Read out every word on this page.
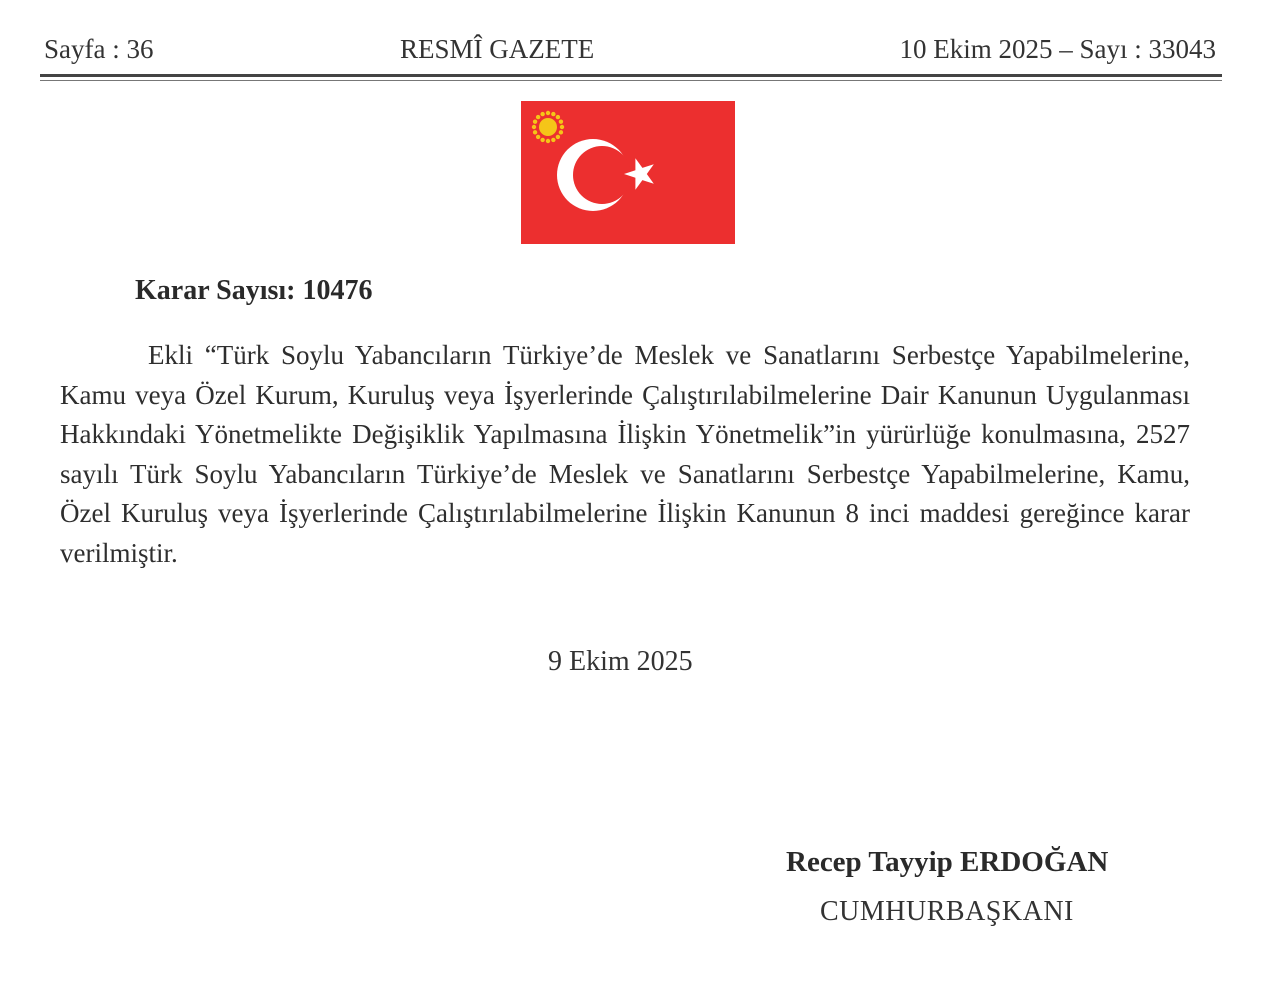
Sayfa : 36	RESMÎ GAZETE	10 Ekim 2025 – Sayı : 33043
Karar Sayısı: 10476
Ekli “Türk Soylu Yabancıların Türkiye’de Meslek ve Sanatlarını Serbestçe Yapabilmelerine, Kamu veya Özel Kurum, Kuruluş veya İşyerlerinde Çalıştırılabilmelerine Dair Kanunun Uygulanması Hakkındaki Yönetmelikte Değişiklik Yapılmasına İlişkin Yönetmelik”in yürürlüğe konulmasına, 2527 sayılı Türk Soylu Yabancıların Türkiye’de Meslek ve Sanatlarını Serbestçe Yapabilmelerine, Kamu, Özel Kuruluş veya İşyerlerinde Çalıştırılabilmelerine İlişkin Kanunun 8 inci maddesi gereğince karar verilmiştir.
9 Ekim 2025
Recep Tayyip ERDOĞAN
CUMHURBAŞKANI
